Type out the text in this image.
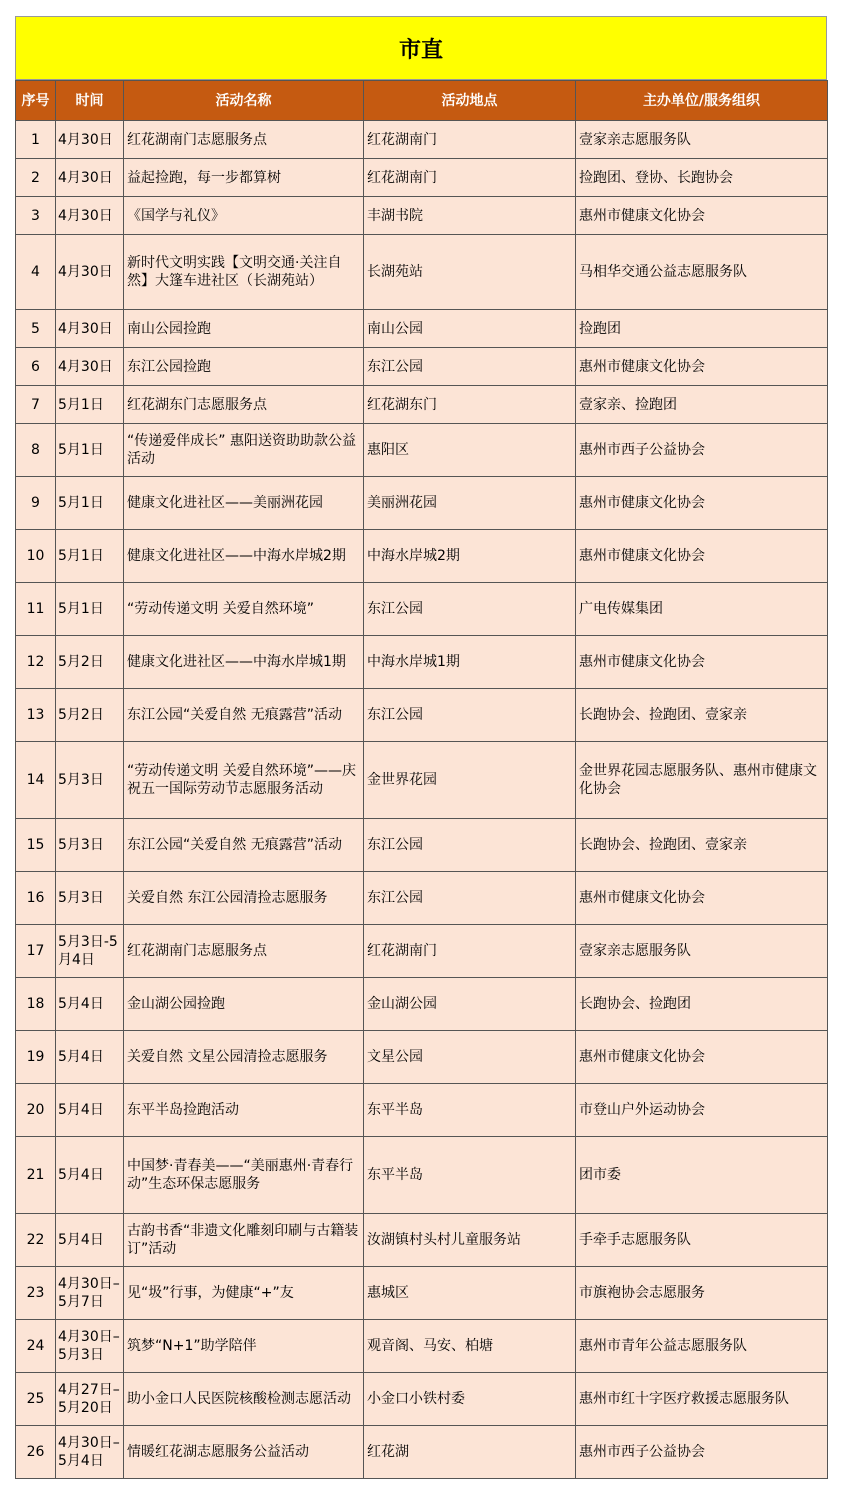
市直
序号	时间	活动名称	活动地点	主办单位/服务组织
1	4月30日	红花湖南门志愿服务点	红花湖南门	壹家亲志愿服务队
2	4月30日	益起捡跑，每一步都算树	红花湖南门	捡跑团、登协、长跑协会
3	4月30日	《国学与礼仪》	丰湖书院	惠州市健康文化协会
4	4月30日	新时代文明实践【文明交通·关注自然】大篷车进社区（长湖苑站）	长湖苑站	马相华交通公益志愿服务队
5	4月30日	南山公园捡跑	南山公园	捡跑团
6	4月30日	东江公园捡跑	东江公园	惠州市健康文化协会
7	5月1日	红花湖东门志愿服务点	红花湖东门	壹家亲、捡跑团
8	5月1日	“传递爱伴成长” 惠阳送资助助款公益活动	惠阳区	惠州市西子公益协会
9	5月1日	健康文化进社区——美丽洲花园	美丽洲花园	惠州市健康文化协会
10	5月1日	健康文化进社区——中海水岸城2期	中海水岸城2期	惠州市健康文化协会
11	5月1日	“劳动传递文明 关爱自然环境”	东江公园	广电传媒集团
12	5月2日	健康文化进社区——中海水岸城1期	中海水岸城1期	惠州市健康文化协会
13	5月2日	东江公园“关爱自然 无痕露营”活动	东江公园	长跑协会、捡跑团、壹家亲
14	5月3日	“劳动传递文明 关爱自然环境”——庆祝五一国际劳动节志愿服务活动	金世界花园	金世界花园志愿服务队、惠州市健康文化协会
15	5月3日	东江公园“关爱自然 无痕露营”活动	东江公园	长跑协会、捡跑团、壹家亲
16	5月3日	关爱自然 东江公园清捡志愿服务	东江公园	惠州市健康文化协会
17	5月3日-5月4日	红花湖南门志愿服务点	红花湖南门	壹家亲志愿服务队
18	5月4日	金山湖公园捡跑	金山湖公园	长跑协会、捡跑团
19	5月4日	关爱自然 文星公园清捡志愿服务	文星公园	惠州市健康文化协会
20	5月4日	东平半岛捡跑活动	东平半岛	市登山户外运动协会
21	5月4日	中国梦·青春美——“美丽惠州·青春行动”生态环保志愿服务	东平半岛	团市委
22	5月4日	古韵书香“非遗文化雕刻印刷与古籍装订”活动	汝湖镇村头村儿童服务站	手牵手志愿服务队
23	4月30日–5月7日	见“圾”行事，为健康“+”友	惠城区	市旗袍协会志愿服务
24	4月30日–5月3日	筑梦“N+1”助学陪伴	观音阁、马安、柏塘	惠州市青年公益志愿服务队
25	4月27日–5月20日	助小金口人民医院核酸检测志愿活动	小金口小铁村委	惠州市红十字医疗救援志愿服务队
26	4月30日–5月4日	情暖红花湖志愿服务公益活动	红花湖	惠州市西子公益协会
